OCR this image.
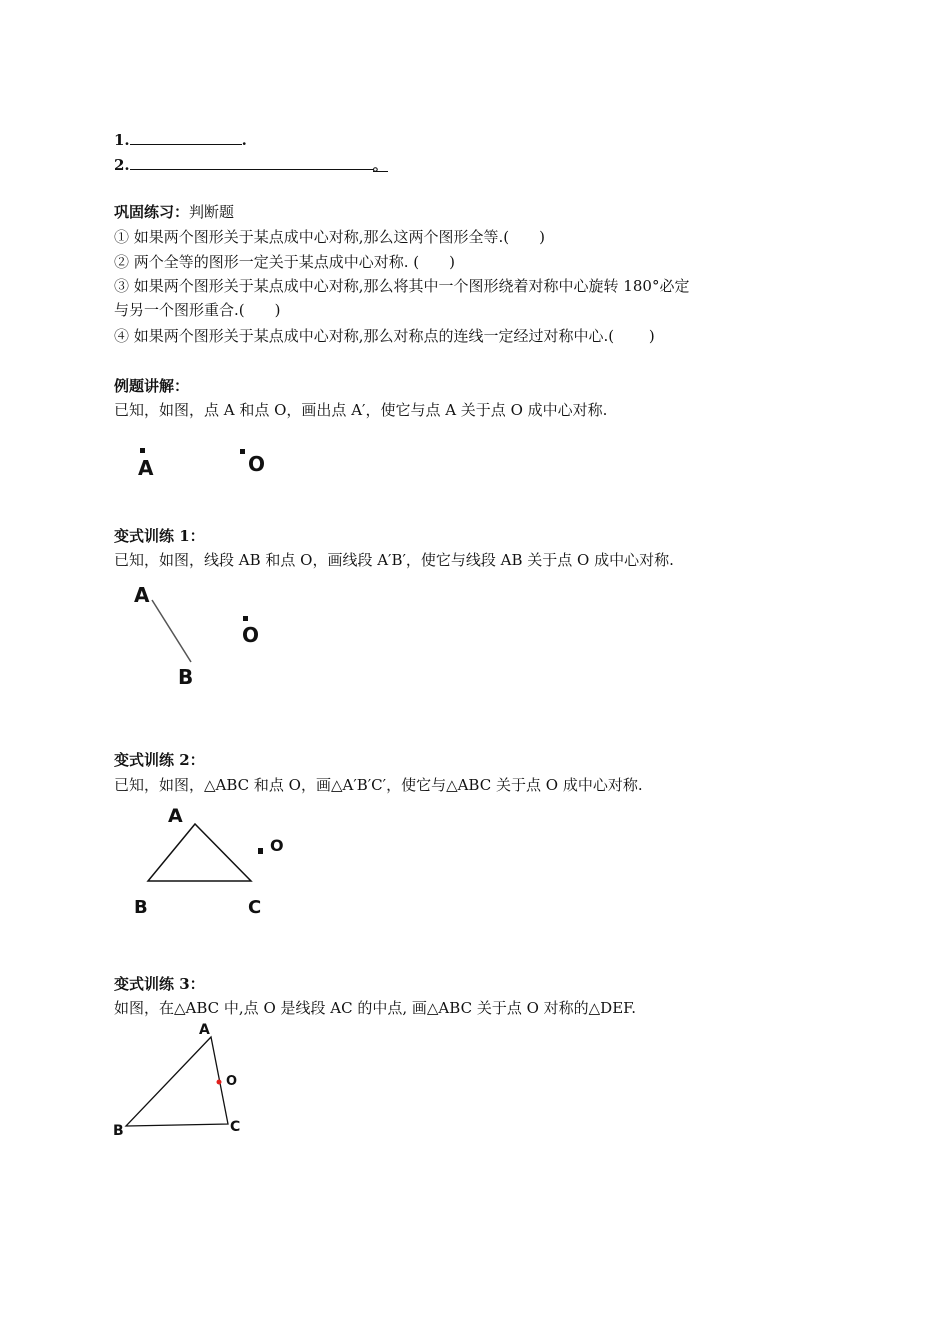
1.	.
2.	。
巩固练习：判断题
① 如果两个图形关于某点成中心对称,那么这两个图形全等.(　　)
② 两个全等的图形一定关于某点成中心对称. (　　)
③ 如果两个图形关于某点成中心对称,那么将其中一个图形绕着对称中心旋转 180°必定
与另一个图形重合.(　　)
④ 如果两个图形关于某点成中心对称,那么对称点的连线一定经过对称中心.(　　 )
例题讲解：
已知，如图，点 A 和点 O，画出点 A′，使它与点 A 关于点 O 成中心对称.
A	O
变式训练 1：
已知，如图，线段 AB 和点 O，画线段 A′B′，使它与线段 AB 关于点 O 成中心对称.
A
B
O
变式训练 2：
已知，如图，△ABC 和点 O，画△A′B′C′，使它与△ABC 关于点 O 成中心对称.
A
B	C
O
变式训练 3：
如图，在△ABC 中,点 O 是线段 AC 的中点, 画△ABC 关于点 O 对称的△DEF.
A
O
B	C
